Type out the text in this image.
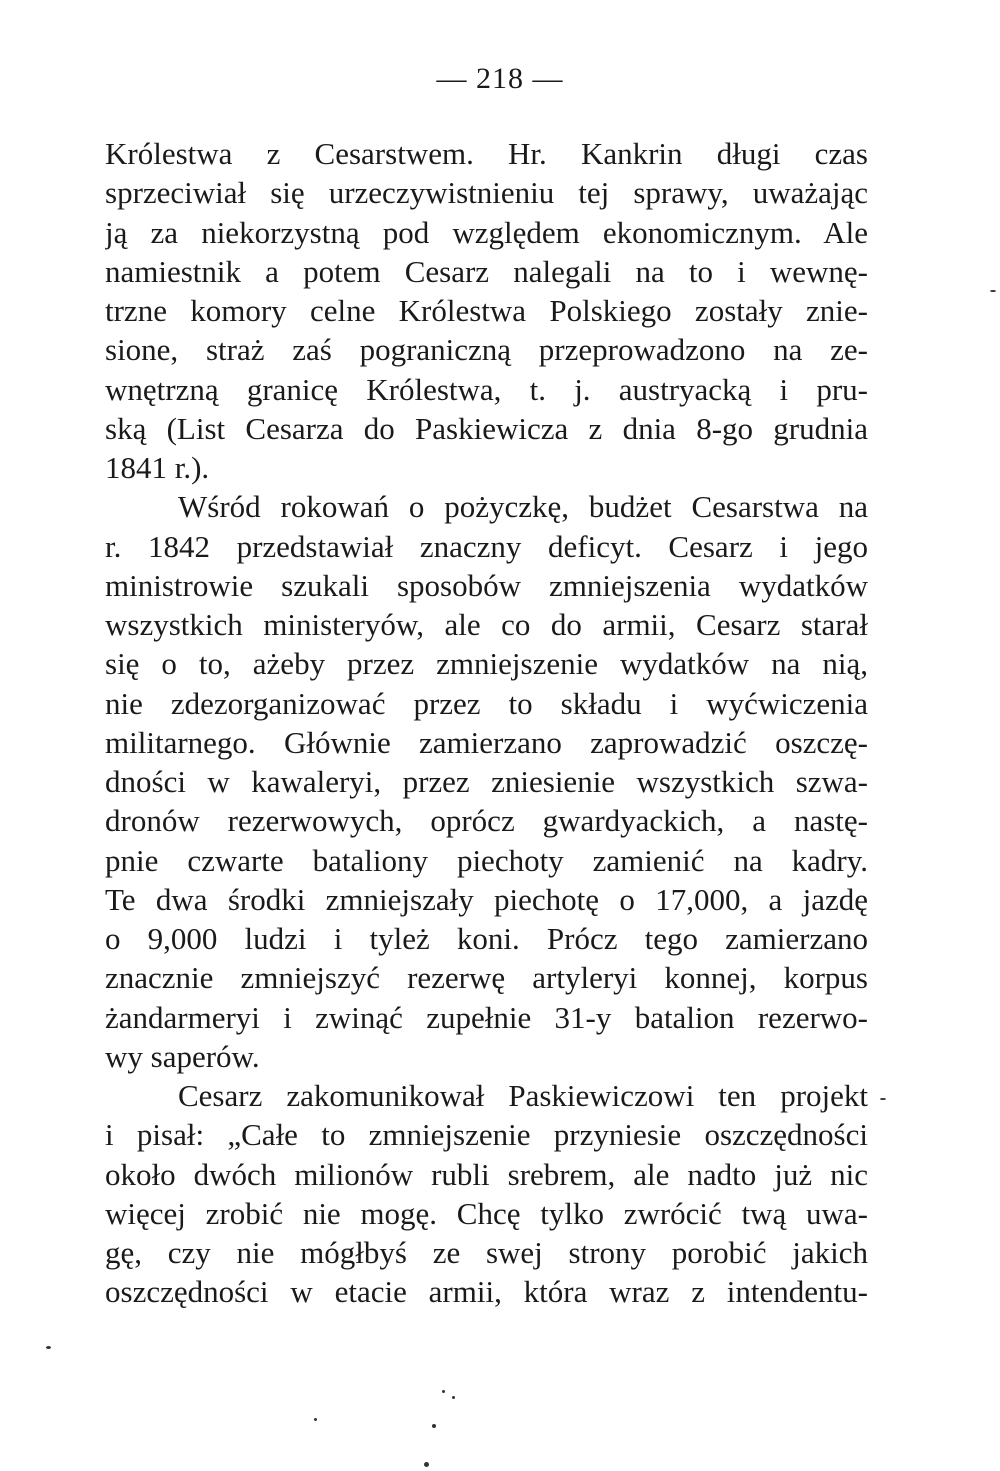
— 218 —
Królestwa z Cesarstwem. Hr. Kankrin długi czas
sprzeciwiał się urzeczywistnieniu tej sprawy, uważając
ją za niekorzystną pod względem ekonomicznym. Ale
namiestnik a potem Cesarz nalegali na to i wewnę-
trzne komory celne Królestwa Polskiego zostały znie-
sione, straż zaś pograniczną przeprowadzono na ze-
wnętrzną granicę Królestwa, t. j. austryacką i pru-
ską (List Cesarza do Paskiewicza z dnia 8-go grudnia
1841 r.).
Wśród rokowań o pożyczkę, budżet Cesarstwa na
r. 1842 przedstawiał znaczny deficyt. Cesarz i jego
ministrowie szukali sposobów zmniejszenia wydatków
wszystkich ministeryów, ale co do armii, Cesarz starał
się o to, ażeby przez zmniejszenie wydatków na nią,
nie zdezorganizować przez to składu i wyćwiczenia
militarnego. Głównie zamierzano zaprowadzić oszczę-
dności w kawaleryi, przez zniesienie wszystkich szwa-
dronów rezerwowych, oprócz gwardyackich, a nastę-
pnie czwarte bataliony piechoty zamienić na kadry.
Te dwa środki zmniejszały piechotę o 17,000, a jazdę
o 9,000 ludzi i tyleż koni. Prócz tego zamierzano
znacznie zmniejszyć rezerwę artyleryi konnej, korpus
żandarmeryi i zwinąć zupełnie 31-y batalion rezerwo-
wy saperów.
Cesarz zakomunikował Paskiewiczowi ten projekt
i pisał: „Całe to zmniejszenie przyniesie oszczędności
około dwóch milionów rubli srebrem, ale nadto już nic
więcej zrobić nie mogę. Chcę tylko zwrócić twą uwa-
gę, czy nie mógłbyś ze swej strony porobić jakich
oszczędności w etacie armii, która wraz z intendentu-
